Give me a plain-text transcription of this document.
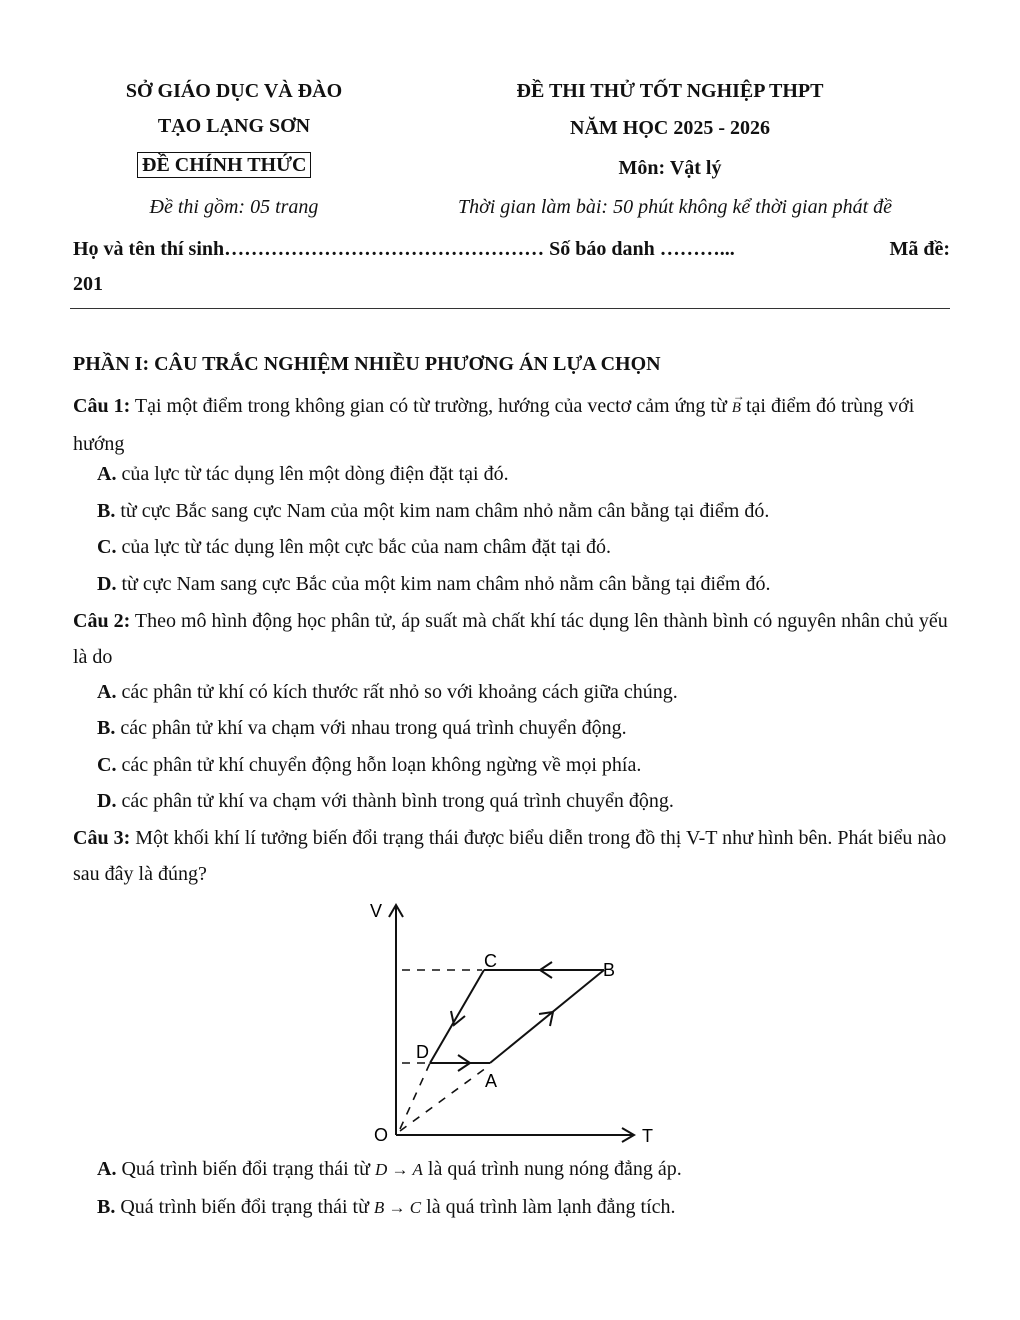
SỞ GIÁO DỤC VÀ ĐÀO
TẠO LẠNG SƠN
ĐỀ CHÍNH THỨC
Đề thi gồm: 05 trang
ĐỀ THI THỬ TỐT NGHIỆP THPT
NĂM HỌC 2025 - 2026
Môn: Vật lý
Thời gian làm bài: 50 phút không kể thời gian phát đề
Họ và tên thí sinh………………………………………… Số báo danh ………...	Mã đề:
201
PHẦN I: CÂU TRẮC NGHIỆM NHIỀU PHƯƠNG ÁN LỰA CHỌN
Câu 1: Tại một điểm trong không gian có từ trường, hướng của vectơ cảm ứng từ →
B tại điểm đó trùng với hướng
A. của lực từ tác dụng lên một dòng điện đặt tại đó.
B. từ cực Bắc sang cực Nam của một kim nam châm nhỏ nằm cân bằng tại điểm đó.
C. của lực từ tác dụng lên một cực bắc của nam châm đặt tại đó.
D. từ cực Nam sang cực Bắc của một kim nam châm nhỏ nằm cân bằng tại điểm đó.
Câu 2: Theo mô hình động học phân tử, áp suất mà chất khí tác dụng lên thành bình có nguyên nhân chủ yếu là do
A. các phân tử khí có kích thước rất nhỏ so với khoảng cách giữa chúng.
B. các phân tử khí va chạm với nhau trong quá trình chuyển động.
C. các phân tử khí chuyển động hỗn loạn không ngừng về mọi phía.
D. các phân tử khí va chạm với thành bình trong quá trình chuyển động.
Câu 3: Một khối khí lí tưởng biến đổi trạng thái được biểu diễn trong đồ thị V-T như hình bên. Phát biểu nào sau đây là đúng?
V
T
O
A
B
C
D
A. Quá trình biến đổi trạng thái từ D → A là quá trình nung nóng đẳng áp.
B. Quá trình biến đổi trạng thái từ B → C là quá trình làm lạnh đẳng tích.
